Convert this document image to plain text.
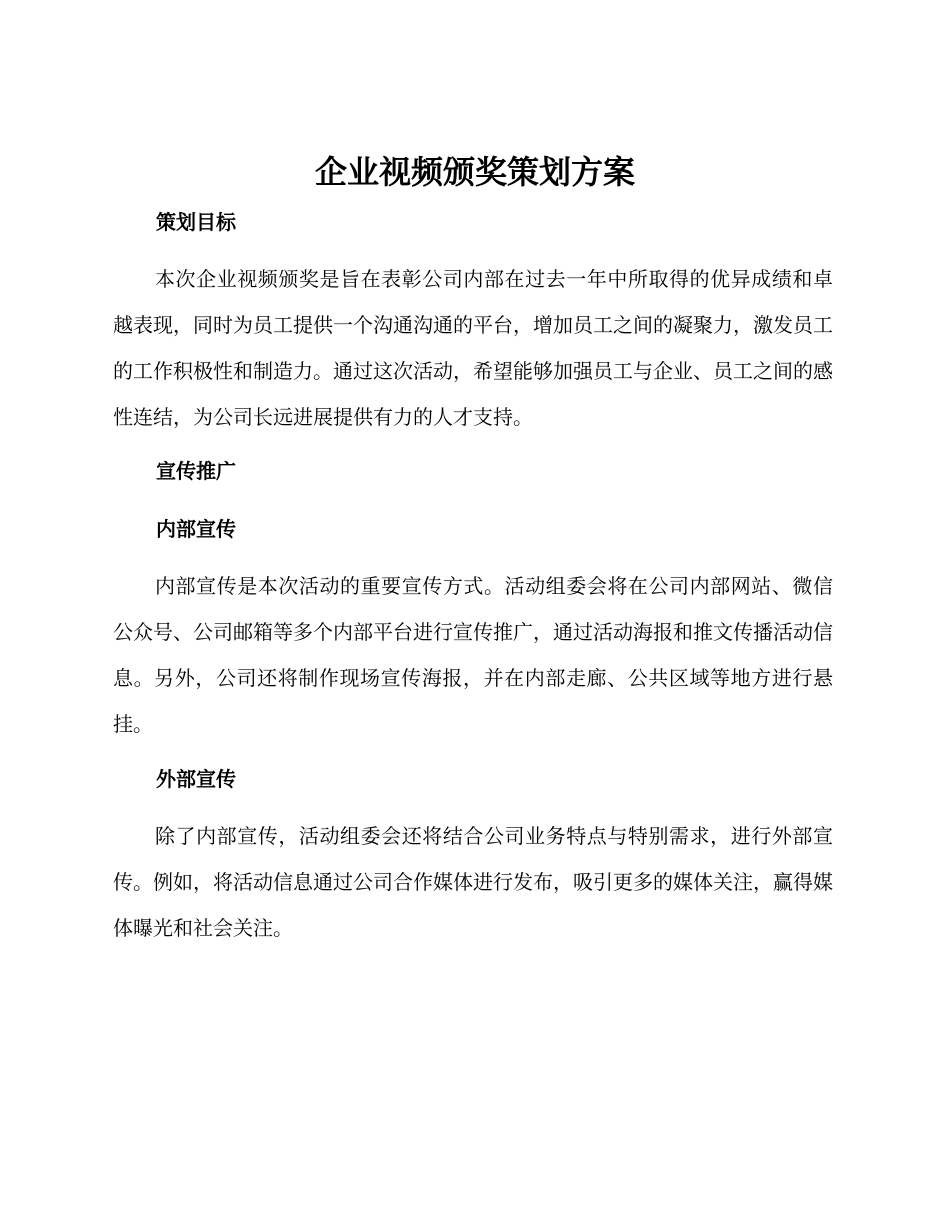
企业视频颁奖策划方案
策划目标

本次企业视频颁奖是旨在表彰公司内部在过去一年中所取得的优异成绩和卓越表现，同时为员工提供一个沟通沟通的平台，增加员工之间的凝聚力，激发员工的工作积极性和制造力。通过这次活动，希望能够加强员工与企业、员工之间的感性连结，为公司长远进展提供有力的人才支持。

宣传推广
内部宣传

内部宣传是本次活动的重要宣传方式。活动组委会将在公司内部网站、微信公众号、公司邮箱等多个内部平台进行宣传推广，通过活动海报和推文传播活动信息。另外，公司还将制作现场宣传海报，并在内部走廊、公共区域等地方进行悬挂。

外部宣传

除了内部宣传，活动组委会还将结合公司业务特点与特别需求，进行外部宣传。例如，将活动信息通过公司合作媒体进行发布，吸引更多的媒体关注，赢得媒体曝光和社会关注。
